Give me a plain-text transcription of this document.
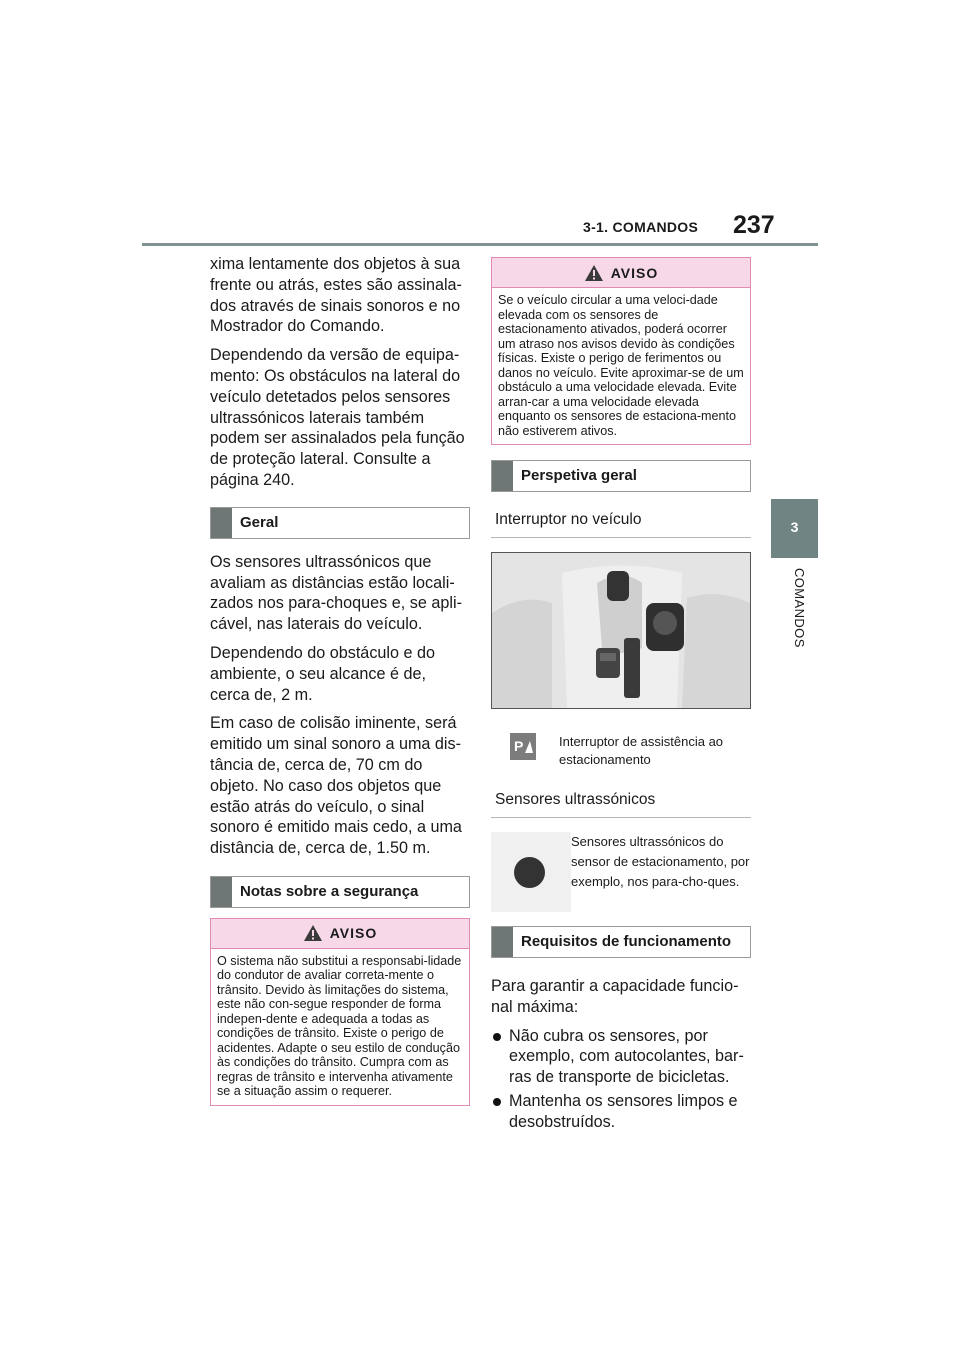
3-1. COMANDOS 237
3
COMANDOS

xima lentamente dos objetos à sua frente ou atrás, estes são assinala-dos através de sinais sonoros e no Mostrador do Comando.

Dependendo da versão de equipa-mento: Os obstáculos na lateral do veículo detetados pelos sensores ultrassónicos laterais também podem ser assinalados pela função de proteção lateral. Consulte a página 240.

Geral

Os sensores ultrassónicos que avaliam as distâncias estão locali-zados nos para-choques e, se apli-cável, nas laterais do veículo.

Dependendo do obstáculo e do ambiente, o seu alcance é de, cerca de, 2 m.

Em caso de colisão iminente, será emitido um sinal sonoro a uma dis-tância de, cerca de, 70 cm do objeto. No caso dos objetos que estão atrás do veículo, o sinal sonoro é emitido mais cedo, a uma distância de, cerca de, 1.50 m.

Notas sobre a segurança
AVISO
O sistema não substitui a responsabi-lidade do condutor de avaliar correta-mente o trânsito. Devido às limitações do sistema, este não con-segue responder de forma indepen-dente e adequada a todas as condições de trânsito. Existe o perigo de acidentes. Adapte o seu estilo de condução às condições do trânsito. Cumpra com as regras de trânsito e intervenha ativamente se a situação assim o requerer.
AVISO
Se o veículo circular a uma veloci-dade elevada com os sensores de estacionamento ativados, poderá ocorrer um atraso nos avisos devido às condições físicas. Existe o perigo de ferimentos ou danos no veículo. Evite aproximar-se de um obstáculo a uma velocidade elevada. Evite arran-car a uma velocidade elevada enquanto os sensores de estaciona-mento não estiverem ativos.
Perspetiva geral
Interruptor no veículo
P	Interruptor de assistência ao estacionamento
Sensores ultrassónicos
Sensores ultrassónicos do sensor de estacionamento, por exemplo, nos para-cho-ques.
Requisitos de funcionamento

Para garantir a capacidade funcio-nal máxima:

Não cubra os sensores, por exemplo, com autocolantes, bar-ras de transporte de bicicletas.
Mantenha os sensores limpos e desobstruídos.
